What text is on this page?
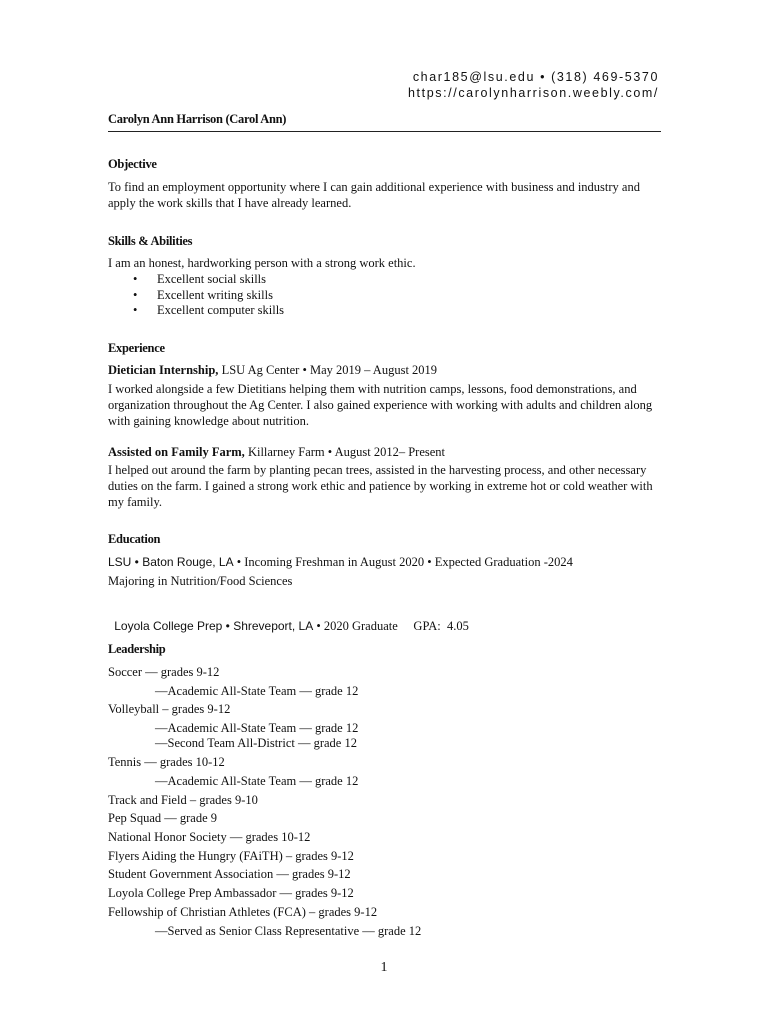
char185@lsu.edu • (318) 469-5370
https://carolynharrison.weebly.com/
Carolyn Ann Harrison (Carol Ann)
Objective
To find an employment opportunity where I can gain additional experience with business and industry and
apply the work skills that I have already learned.
Skills & Abilities
I am an honest, hardworking person with a strong work ethic.
• Excellent social skills
• Excellent writing skills
• Excellent computer skills
Experience
Dietician Internship, LSU Ag Center • May 2019 – August 2019
I worked alongside a few Dietitians helping them with nutrition camps, lessons, food demonstrations, and
organization throughout the Ag Center. I also gained experience with working with adults and children along
with gaining knowledge about nutrition.
Assisted on Family Farm, Killarney Farm • August 2012– Present
I helped out around the farm by planting pecan trees, assisted in the harvesting process, and other necessary
duties on the farm. I gained a strong work ethic and patience by working in extreme hot or cold weather with
my family.
Education
LSU • Baton Rouge, LA • Incoming Freshman in August 2020 • Expected Graduation -2024
Majoring in Nutrition/Food Sciences

Loyola College Prep • Shreveport, LA • 2020 Graduate     GPA:  4.05

Leadership
Soccer — grades 9-12
—Academic All-State Team — grade 12
Volleyball – grades 9-12
—Academic All-State Team — grade 12
—Second Team All-District — grade 12
Tennis — grades 10-12
—Academic All-State Team — grade 12
Track and Field – grades 9-10
Pep Squad — grade 9
National Honor Society — grades 10-12
Flyers Aiding the Hungry (FAiTH) – grades 9-12
Student Government Association — grades 9-12
Loyola College Prep Ambassador — grades 9-12
Fellowship of Christian Athletes (FCA) – grades 9-12
—Served as Senior Class Representative — grade 12
1
